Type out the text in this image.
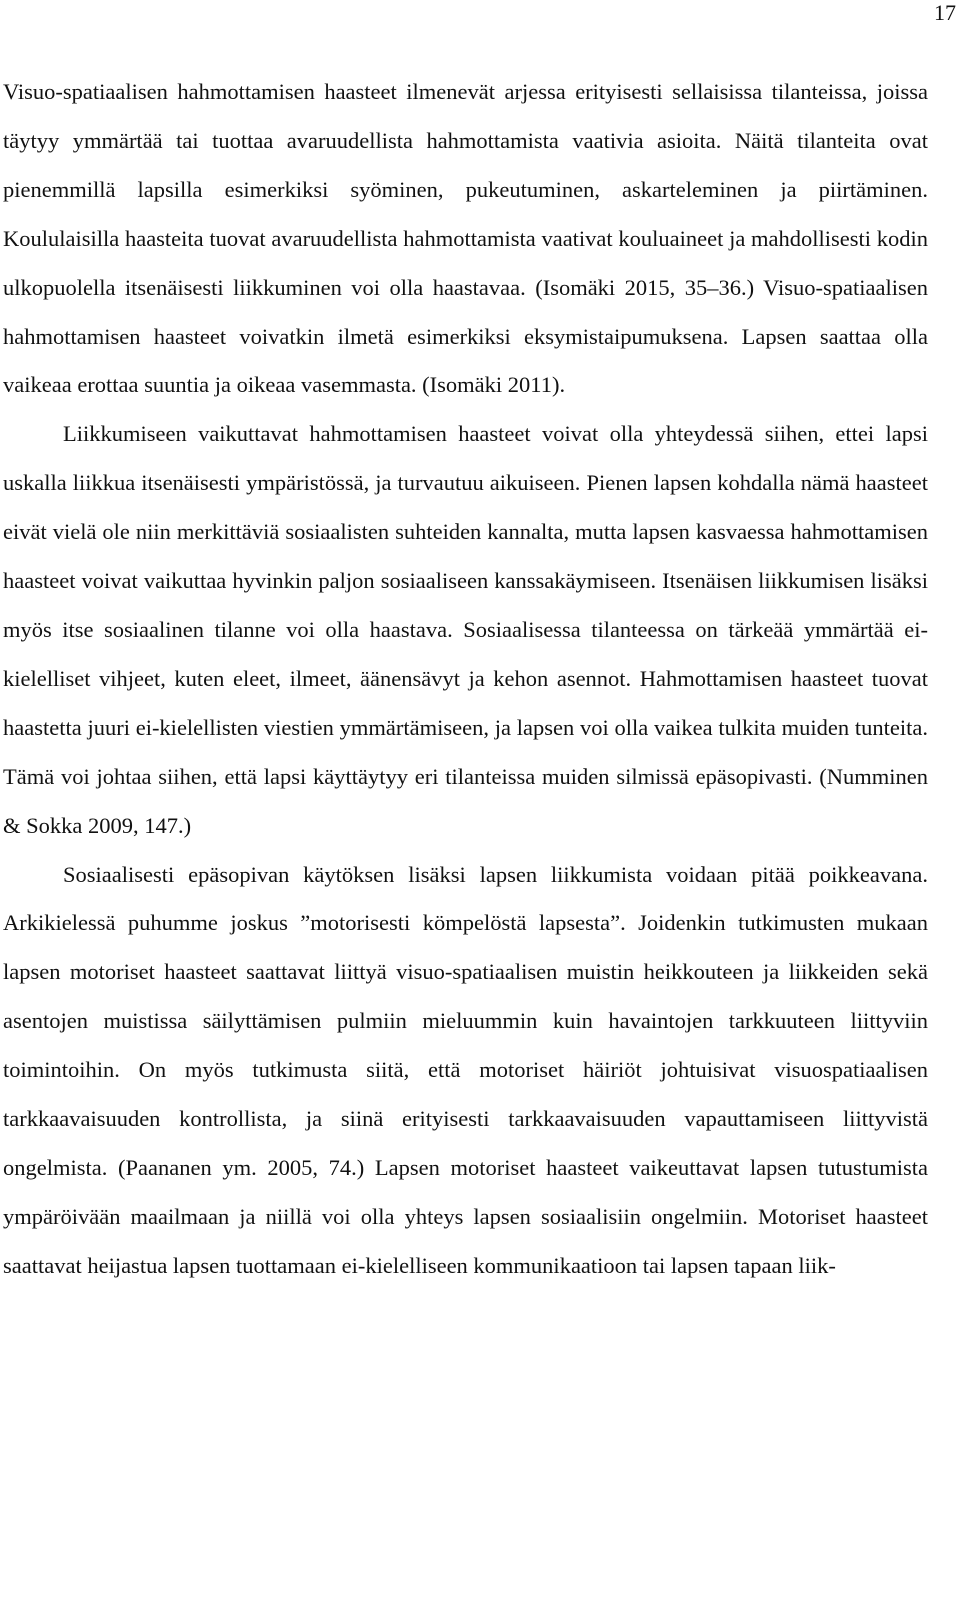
17

Visuo-spatiaalisen hahmottamisen haasteet ilmenevät arjessa erityisesti sellaisissa tilanteissa, joissa täytyy ymmärtää tai tuottaa avaruudellista hahmottamista vaativia asioita. Näitä tilanteita ovat pienemmillä lapsilla esimerkiksi syöminen, pukeutuminen, askarteleminen ja piirtäminen. Koululaisilla haasteita tuovat avaruudellista hahmottamista vaativat kouluaineet ja mahdollisesti kodin ulkopuolella itsenäisesti liikkuminen voi olla haastavaa. (Isomäki 2015, 35–36.) Visuo-spatiaalisen hahmottamisen haasteet voivatkin ilmetä esimerkiksi eksymistaipumuksena. Lapsen saattaa olla vaikeaa erottaa suuntia ja oikeaa vasemmasta. (Isomäki 2011).

Liikkumiseen vaikuttavat hahmottamisen haasteet voivat olla yhteydessä siihen, ettei lapsi uskalla liikkua itsenäisesti ympäristössä, ja turvautuu aikuiseen. Pienen lapsen kohdalla nämä haasteet eivät vielä ole niin merkittäviä sosiaalisten suhteiden kannalta, mutta lapsen kasvaessa hahmottamisen haasteet voivat vaikuttaa hyvinkin paljon sosiaaliseen kanssakäymiseen. Itsenäisen liikkumisen lisäksi myös itse sosiaalinen tilanne voi olla haastava. Sosiaalisessa tilanteessa on tärkeää ymmärtää ei-kielelliset vihjeet, kuten eleet, ilmeet, äänensävyt ja kehon asennot. Hahmottamisen haasteet tuovat haastetta juuri ei-kielellisten viestien ymmärtämiseen, ja lapsen voi olla vaikea tulkita muiden tunteita. Tämä voi johtaa siihen, että lapsi käyttäytyy eri tilanteissa muiden silmissä epäsopivasti. (Numminen & Sokka 2009, 147.)

Sosiaalisesti epäsopivan käytöksen lisäksi lapsen liikkumista voidaan pitää poikkeavana. Arkikielessä puhumme joskus ”motorisesti kömpelöstä lapsesta”. Joidenkin tutkimusten mukaan lapsen motoriset haasteet saattavat liittyä visuo-spatiaalisen muistin heikkouteen ja liikkeiden sekä asentojen muistissa säilyttämisen pulmiin mieluummin kuin havaintojen tarkkuuteen liittyviin toimintoihin. On myös tutkimusta siitä, että motoriset häiriöt johtuisivat visuospatiaalisen tarkkaavaisuuden kontrollista, ja siinä erityisesti tarkkaavaisuuden vapauttamiseen liittyvistä ongelmista. (Paananen ym. 2005, 74.) Lapsen motoriset haasteet vaikeuttavat lapsen tutustumista ympäröivään maailmaan ja niillä voi olla yhteys lapsen sosiaalisiin ongelmiin. Motoriset haasteet saattavat heijastua lapsen tuottamaan ei-kielelliseen kommunikaatioon tai lapsen tapaan liik-
